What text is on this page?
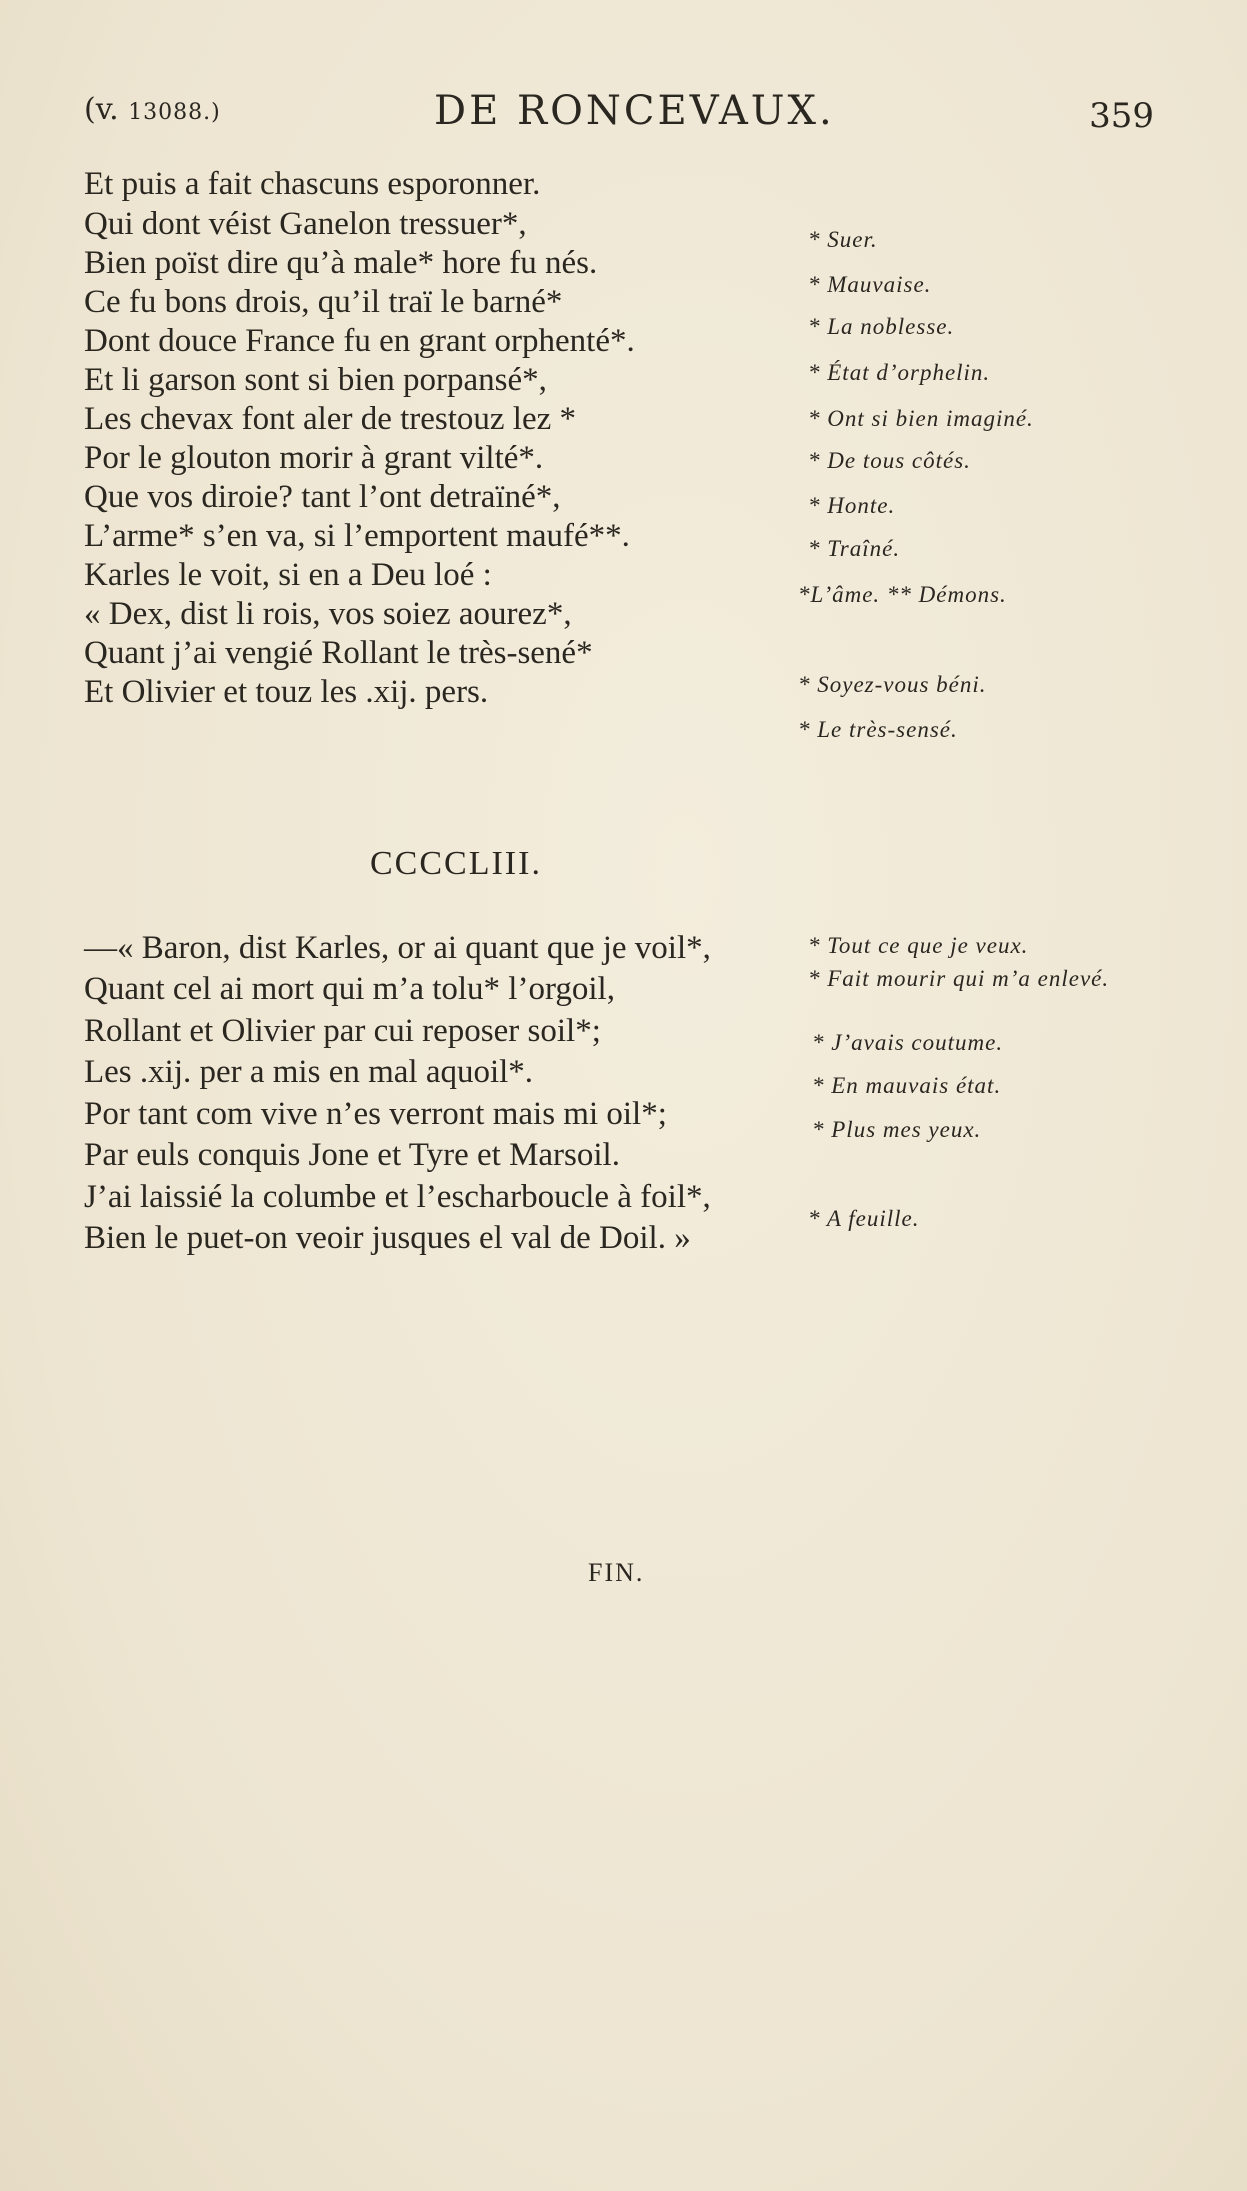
(v. 13088.)	DE RONCEVAUX.	359
Et puis a fait chascuns esporonner.
Qui dont véist Ganelon tressuer*,
Bien poïst dire qu’à male* hore fu nés.
Ce fu bons drois, qu’il traï le barné*
Dont douce France fu en grant orphenté*.
Et li garson sont si bien porpansé*,
Les chevax font aler de trestouz lez *
Por le glouton morir à grant vilté*.
Que vos diroie? tant l’ont detraïné*,
L’arme* s’en va, si l’emportent maufé**.
Karles le voit, si en a Deu loé :
« Dex, dist li rois, vos soiez aourez*,
Quant j’ai vengié Rollant le très-sené*
Et Olivier et touz les .xij. pers.
* Suer.
* Mauvaise.
* La noblesse.
* État d’orphelin.
* Ont si bien imaginé.
* De tous côtés.
* Honte.
* Traîné.
*L’âme. ** Démons.
* Soyez-vous béni.
* Le très-sensé.
CCCCLIII.
—« Baron, dist Karles, or ai quant que je voil*,
Quant cel ai mort qui m’a tolu* l’orgoil,
Rollant et Olivier par cui reposer soil*;
Les .xij. per a mis en mal aquoil*.
Por tant com vive n’es verront mais mi oil*;
Par euls conquis Jone et Tyre et Marsoil.
J’ai laissié la columbe et l’escharboucle à foil*,
Bien le puet-on veoir jusques el val de Doil. »
* Tout ce que je veux.
* Fait mourir qui m’a enlevé.
* J’avais coutume.
* En mauvais état.
* Plus mes yeux.
* A feuille.
FIN.
